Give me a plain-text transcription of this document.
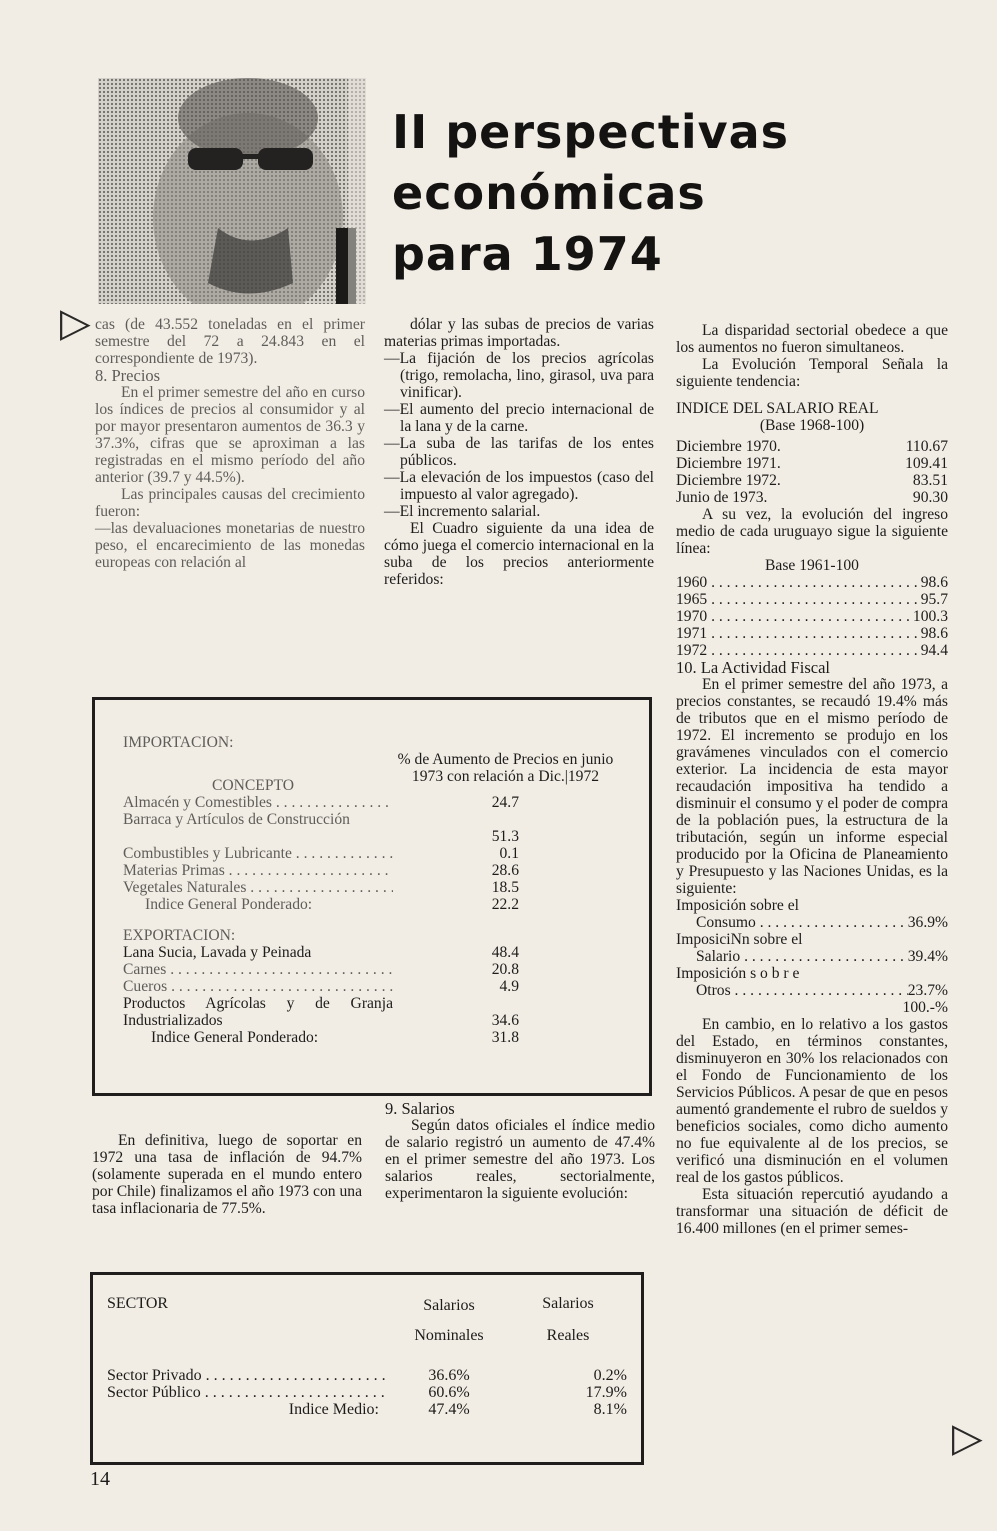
II perspectivas
económicas
para 1974
▷ cas (de 43.552 toneladas en el primer semestre del 72 a 24.843 en el correspondiente de 1973).

8. Precios

En el primer semestre del año en curso los índices de precios al consumidor y al por mayor presentaron aumentos de 36.3 y 37.3%, cifras que se aproximan a las registradas en el mismo período del año anterior (39.7 y 44.5%).

Las principales causas del crecimiento fueron:

—las devaluaciones monetarias de nuestro peso, el encarecimiento de las monedas europeas con relación al

dólar y las subas de precios de varias materias primas importadas.

—La fijación de los precios agrícolas (trigo, remolacha, lino, girasol, uva para vinificar).

—El aumento del precio internacional de la lana y de la carne.

—La suba de las tarifas de los entes públicos.

—La elevación de los impuestos (caso del impuesto al valor agregado).

—El incremento salarial.

El Cuadro siguiente da una idea de cómo juega el comercio internacional en la suba de los precios anteriormente referidos:

La disparidad sectorial obedece a que los aumentos no fueron simultaneos.

La Evolución Temporal Señala la siguiente tendencia:

INDICE DEL SALARIO REAL
(Base 1968-100)
Diciembre 1970.	110.67
Diciembre 1971.	109.41
Diciembre 1972.	83.51
Junio de 1973.	90.30

A su vez, la evolución del ingreso medio de cada uruguayo sigue la siguiente línea:

Base 1961-100
1960 . . .	98.6
1965 . . .	95.7
1970 . . .	100.3
1971 . . .	98.6
1972 . . .	94.4

10. La Actividad Fiscal

En el primer semestre del año 1973, a precios constantes, se recaudó 19.4% más de tributos que en el mismo período de 1972. El incremento se produjo en los gravámenes vinculados con el comercio exterior. La incidencia de esta mayor recaudación impositiva ha tendido a disminuir el consumo y el poder de compra de la población pues, la estructura de la tributación, según un informe especial producido por la Oficina de Planeamiento y Presupuesto y las Naciones Unidas, es la siguiente:

Imposición sobre el
Consumo . . .	36.9%
ImposiciNn sobre el
Salario . . .	39.4%
Imposición s o b r e
Otros . . .	23.7%
100.-%

En cambio, en lo relativo a los gastos del Estado, en términos constantes, disminuyeron en 30% los relacionados con el Fondo de Funcionamiento de los Servicios Públicos. A pesar de que en pesos aumentó grandemente el rubro de sueldos y beneficios sociales, como dicho aumento no fue equivalente al de los precios, se verificó una disminución en el volumen real de los gastos públicos.

Esta situación repercutió ayudando a transformar una situación de déficit de 16.400 millones (en el primer semes-

▷
IMPORTACION:
CONCEPTO
% de Aumento de Precios en junio 1973 con relación a Dic.|1972
Almacén y Comestibles . . .	24.7
Barraca y Artículos de Construcción
51.3
Combustibles y Lubricante . . .	0.1
Materias Primas . . .	28.6
Vegetales Naturales . . .	18.5
Indice General Ponderado:	22.2
EXPORTACION:
Lana Sucia, Lavada y Peinada	48.4
Carnes . . .	20.8
Cueros . . .	4.9
Productos Agrícolas y de Granja Industrializados	34.6
Indice General Ponderado:	31.8

En definitiva, luego de soportar en 1972 una tasa de inflación de 94.7% (solamente superada en el mundo entero por Chile) finalizamos el año 1973 con una tasa inflacionaria de 77.5%.

9. Salarios

Según datos oficiales el índice medio de salario registró un aumento de 47.4% en el primer semestre del año 1973. Los salarios reales, sectorialmente, experimentaron la siguiente evolución:

SECTOR	Salarios
Nominales
Salarios
Reales
Sector Privado . . .	36.6%	0.2%
Sector Público . . .	60.6%	17.9%
Indice Medio:	47.4%	8.1%
14
